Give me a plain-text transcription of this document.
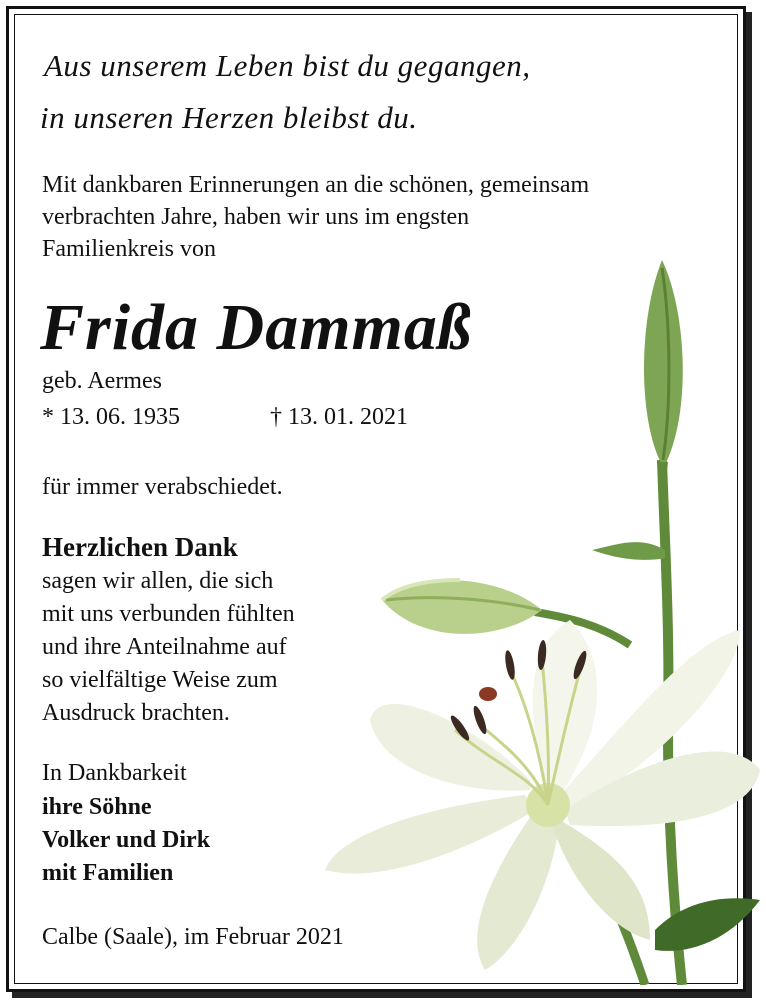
Aus unserem Leben bist du gegangen,
in unseren Herzen bleibst du.
Mit dankbaren Erinnerungen an die schönen, gemeinsam
verbrachten Jahre, haben wir uns im engsten
Familienkreis von
Frida Dammaß
geb. Aermes
* 13. 06. 1935	† 13. 01. 2021
für immer verabschiedet.
Herzlichen Dank
sagen wir allen, die sich
mit uns verbunden fühlten
und ihre Anteilnahme auf
so vielfältige Weise zum
Ausdruck brachten.
In Dankbarkeit
ihre Söhne
Volker und Dirk
mit Familien
Calbe (Saale), im Februar 2021
